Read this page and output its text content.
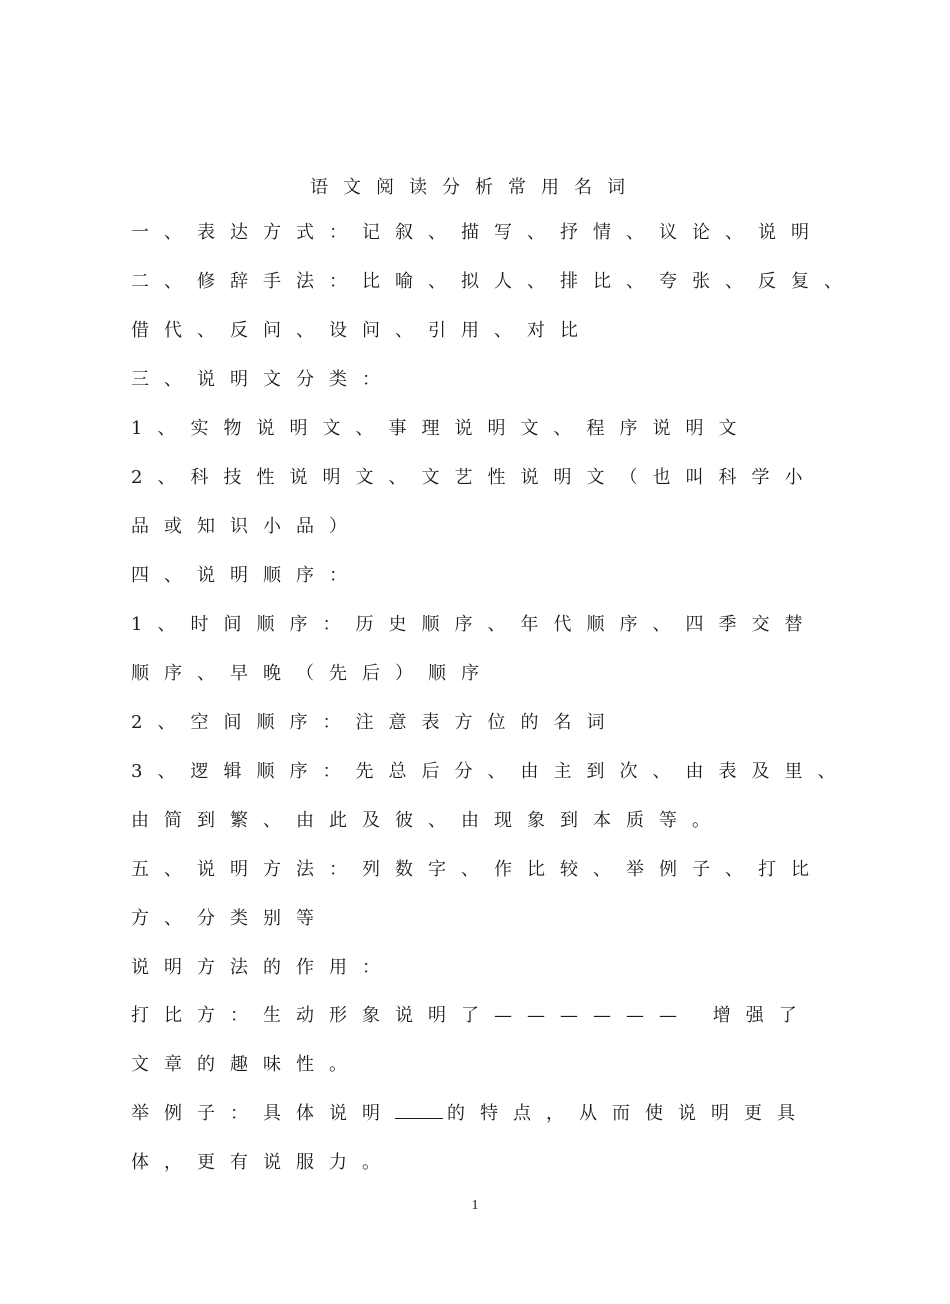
语文阅读分析常用名词
一、表达方式：记叙、描写、抒情、议论、说明
二、修辞手法：比喻、拟人、排比、夸张、反复、
借代、反问、设问、引用、对比
三、说明文分类：
1、实物说明文、事理说明文、程序说明文
2、科技性说明文、文艺性说明文（也叫科学小
品或知识小品）
四、说明顺序：
1、时间顺序：历史顺序、年代顺序、四季交替
顺序、早晚（先后）顺序
2、空间顺序：注意表方位的名词
3、逻辑顺序：先总后分、由主到次、由表及里、
由简到繁、由此及彼、由现象到本质等。
五、说明方法：列数字、作比较、举例子、打比
方、分类别等
说明方法的作用：
打比方：生动形象说明了—————— 增强了
文章的趣味性。
举例子：具体说明	的特点，从而使说明更具
体，更有说服力。
1
